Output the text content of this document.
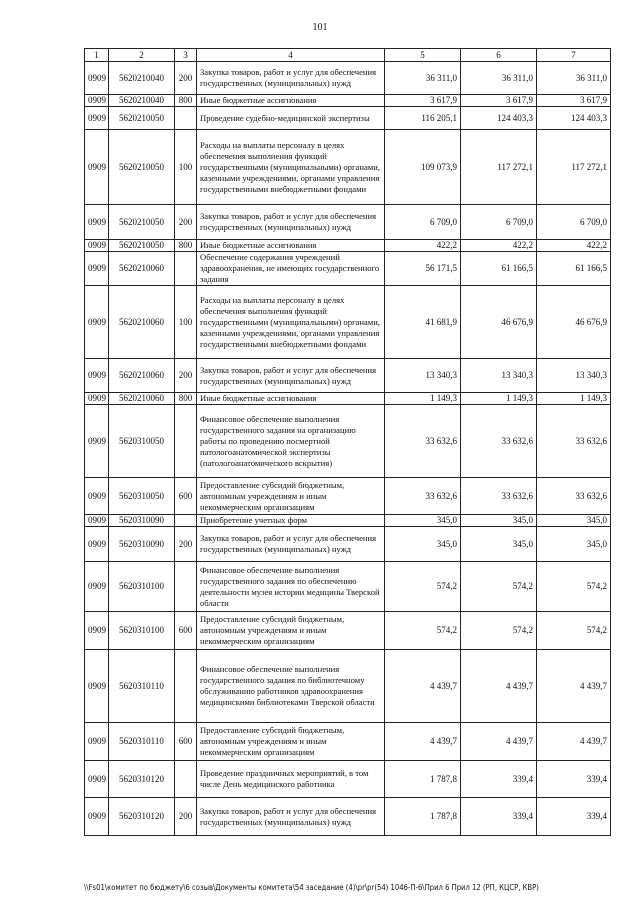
101
1	2	3	4	5	6	7
0909	5620210040	200	Закупка товаров, работ и услуг для обеспечения государственных (муниципальных) нужд	36 311,0	36 311,0	36 311,0
0909	5620210040	800	Иные бюджетные ассигнования	3 617,9	3 617,9	3 617,9
0909	5620210050		Проведение судебно-медицинской экспертизы	116 205,1	124 403,3	124 403,3
0909	5620210050	100	Расходы на выплаты персоналу в целях обеспечения выполнения функций государственными (муниципальными) органами, казенными учреждениями, органами управления государственными внебюджетными фондами	109 073,9	117 272,1	117 272,1
0909	5620210050	200	Закупка товаров, работ и услуг для обеспечения государственных (муниципальных) нужд	6 709,0	6 709,0	6 709,0
0909	5620210050	800	Иные бюджетные ассигнования	422,2	422,2	422,2
0909	5620210060		Обеспечение содержания учреждений здравоохранения, не имеющих государственного задания	56 171,5	61 166,5	61 166,5
0909	5620210060	100	Расходы на выплаты персоналу в целях обеспечения выполнения функций государственными (муниципальными) органами, казенными учреждениями, органами управления государственными внебюджетными фондами	41 681,9	46 676,9	46 676,9
0909	5620210060	200	Закупка товаров, работ и услуг для обеспечения государственных (муниципальных) нужд	13 340,3	13 340,3	13 340,3
0909	5620210060	800	Иные бюджетные ассигнования	1 149,3	1 149,3	1 149,3
0909	5620310050		Финансовое обеспечение выполнения государственного задания на организацию работы по проведению посмертной патологоанатомической экспертизы (патологоанатомического вскрытия)	33 632,6	33 632,6	33 632,6
0909	5620310050	600	Предоставление субсидий бюджетным, автономным учреждениям и иным некоммерческим организациям	33 632,6	33 632,6	33 632,6
0909	5620310090		Приобретение учетных форм	345,0	345,0	345,0
0909	5620310090	200	Закупка товаров, работ и услуг для обеспечения государственных (муниципальных) нужд	345,0	345,0	345,0
0909	5620310100		Финансовое обеспечение выполнения государственного задания по обеспечению деятельности музея истории медицины Тверской области	574,2	574,2	574,2
0909	5620310100	600	Предоставление субсидий бюджетным, автономным учреждениям и иным некоммерческим организациям	574,2	574,2	574,2
0909	5620310110		Финансовое обеспечение выполнения государственного задания по библиотечному обслуживанию работников здравоохранения медицинскими библиотеками Тверской области	4 439,7	4 439,7	4 439,7
0909	5620310110	600	Предоставление субсидий бюджетным, автономным учреждениям и иным некоммерческим организациям	4 439,7	4 439,7	4 439,7
0909	5620310120		Проведение праздничных мероприятий, в том числе День медицинского работника	1 787,8	339,4	339,4
0909	5620310120	200	Закупка товаров, работ и услуг для обеспечения государственных (муниципальных) нужд	1 787,8	339,4	339,4
\\Fs01\комитет по бюджету\6 созыв\Документы комитета\54 заседание (4)\pr\pr(54) 1046-П-6\Прил 6 Прил 12 (РП, КЦСР, КВР)
